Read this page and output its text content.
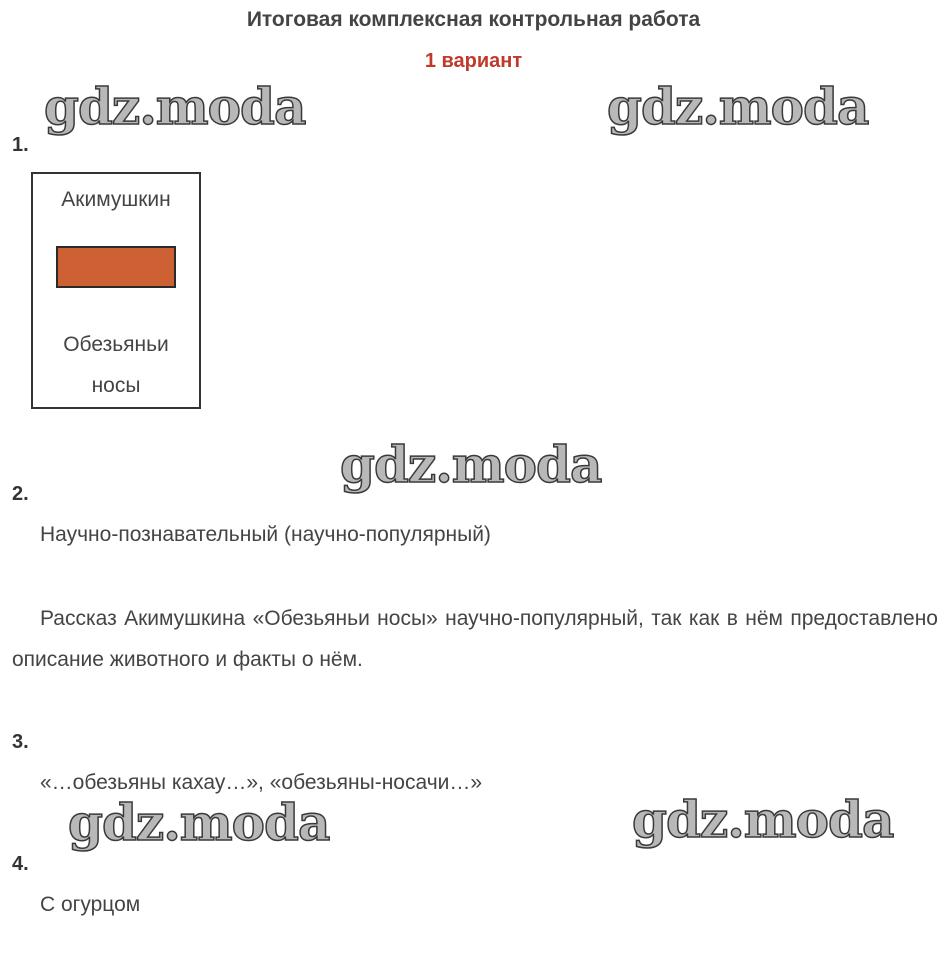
Итоговая комплексная контрольная работа
1 вариант
gdz.moda	gdz.moda
gdz.moda
gdz.moda	gdz.moda
1.
Акимушкин
Обезьяньи
носы
2.
Научно-познавательный (научно-популярный)
Рассказ Акимушкина «Обезьяньи носы» научно-популярный, так как в нём предоставлено описание животного и факты о нём.
3.
«…обезьяны кахау…», «обезьяны-носачи…»
4.
С огурцом
